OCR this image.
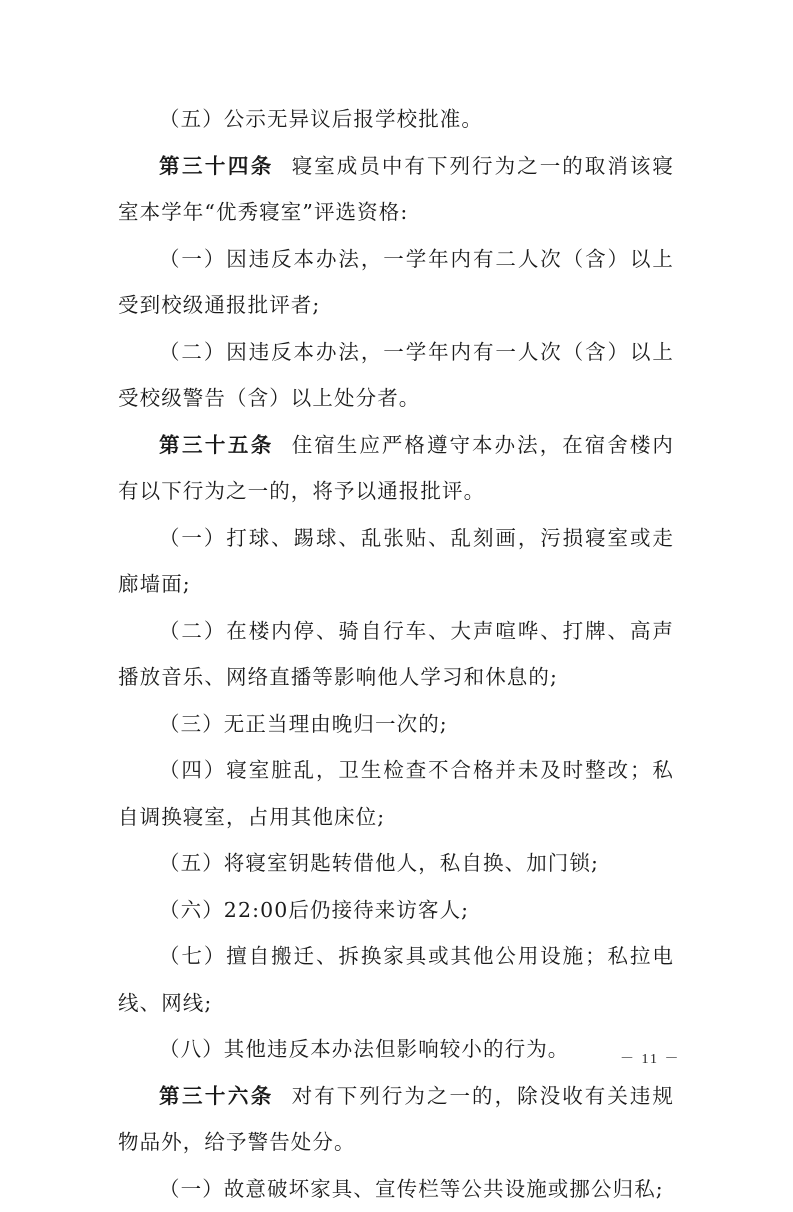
（五）公示无异议后报学校批准。

第三十四条 寝室成员中有下列行为之一的取消该寝室本学年“优秀寝室”评选资格:

（一）因违反本办法，一学年内有二人次（含）以上受到校级通报批评者;

（二）因违反本办法，一学年内有一人次（含）以上受校级警告（含）以上处分者。

第三十五条 住宿生应严格遵守本办法，在宿舍楼内有以下行为之一的，将予以通报批评。

（一）打球、踢球、乱张贴、乱刻画，污损寝室或走廊墙面;

（二）在楼内停、骑自行车、大声喧哗、打牌、高声播放音乐、网络直播等影响他人学习和休息的;

（三）无正当理由晚归一次的;

（四）寝室脏乱，卫生检查不合格并未及时整改；私自调换寝室，占用其他床位;

（五）将寝室钥匙转借他人，私自换、加门锁;

（六）22:00后仍接待来访客人;

（七）擅自搬迁、拆换家具或其他公用设施；私拉电线、网线;

（八）其他违反本办法但影响较小的行为。

第三十六条 对有下列行为之一的，除没收有关违规物品外，给予警告处分。

（一）故意破坏家具、宣传栏等公共设施或挪公归私;

－ 11 －
